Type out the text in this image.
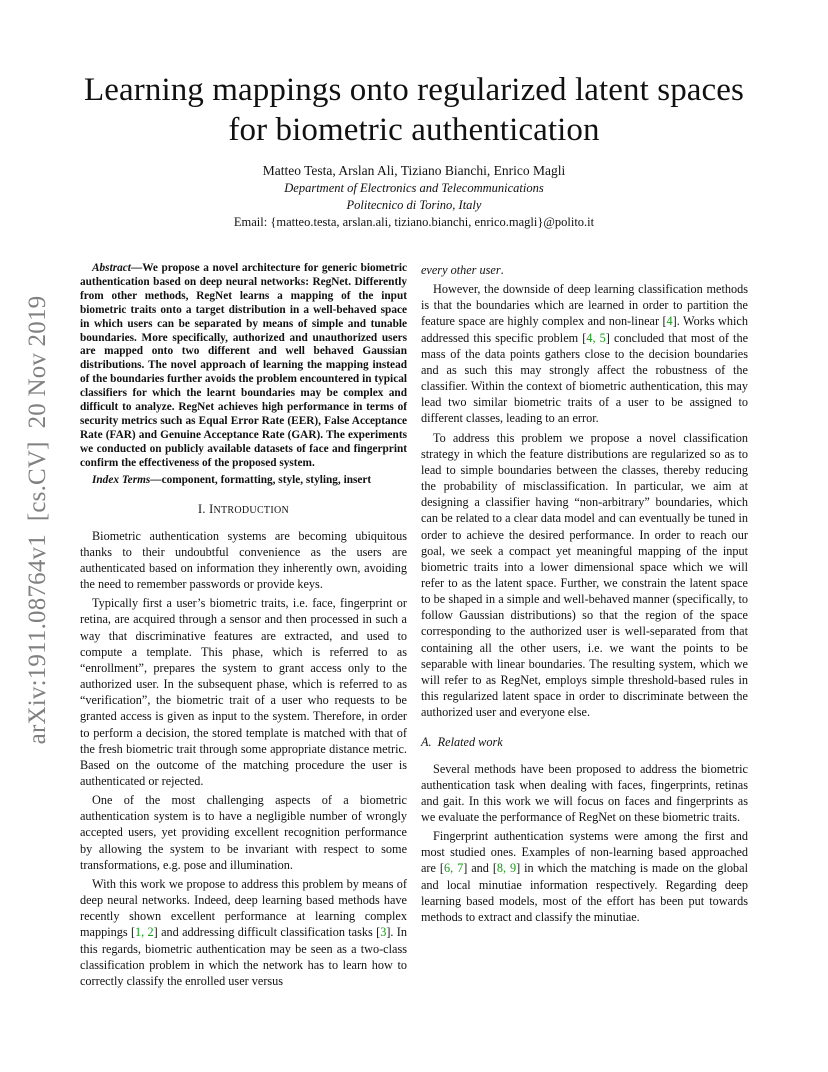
Learning mappings onto regularized latent spaces
for biometric authentication
Matteo Testa, Arslan Ali, Tiziano Bianchi, Enrico Magli
Department of Electronics and Telecommunications
Politecnico di Torino, Italy
Email: {matteo.testa, arslan.ali, tiziano.bianchi, enrico.magli}@polito.it
arXiv:1911.08764v1  [cs.CV]  20 Nov 2019

Abstract—We propose a novel architecture for generic biometric authentication based on deep neural networks: RegNet. Differently from other methods, RegNet learns a mapping of the input biometric traits onto a target distribution in a well-behaved space in which users can be separated by means of simple and tunable boundaries. More specifically, authorized and unauthorized users are mapped onto two different and well behaved Gaussian distributions. The novel approach of learning the mapping instead of the boundaries further avoids the problem encountered in typical classifiers for which the learnt boundaries may be complex and difficult to analyze. RegNet achieves high performance in terms of security metrics such as Equal Error Rate (EER), False Acceptance Rate (FAR) and Genuine Acceptance Rate (GAR). The experiments we conducted on publicly available datasets of face and fingerprint confirm the effectiveness of the proposed system.

Index Terms—component, formatting, style, styling, insert

I. INTRODUCTION

Biometric authentication systems are becoming ubiquitous thanks to their undoubtful convenience as the users are authenticated based on information they inherently own, avoiding the need to remember passwords or provide keys.

Typically first a user’s biometric traits, i.e. face, fingerprint or retina, are acquired through a sensor and then processed in such a way that discriminative features are extracted, and used to compute a template. This phase, which is referred to as “enrollment”, prepares the system to grant access only to the authorized user. In the subsequent phase, which is referred to as “verification”, the biometric trait of a user who requests to be granted access is given as input to the system. Therefore, in order to perform a decision, the stored template is matched with that of the fresh biometric trait through some appropriate distance metric. Based on the outcome of the matching procedure the user is authenticated or rejected.

One of the most challenging aspects of a biometric authentication system is to have a negligible number of wrongly accepted users, yet providing excellent recognition performance by allowing the system to be invariant with respect to some transformations, e.g. pose and illumination.

With this work we propose to address this problem by means of deep neural networks. Indeed, deep learning based methods have recently shown excellent performance at learning complex mappings [ 1, 2 ] and addressing difficult classification tasks [ 3 ] . In this regards, biometric authentication may be seen as a two-class classification problem in which the network has to learn how to correctly classify the enrolled user versus

every other user.

However, the downside of deep learning classification methods is that the boundaries which are learned in order to partition the feature space are highly complex and non-linear [ 4 ] . Works which addressed this specific problem [ 4, 5 ] concluded that most of the mass of the data points gathers close to the decision boundaries and as such this may strongly affect the robustness of the classifier. Within the context of biometric authentication, this may lead two similar biometric traits of a user to be assigned to different classes, leading to an error.

To address this problem we propose a novel classification strategy in which the feature distributions are regularized so as to lead to simple boundaries between the classes, thereby reducing the probability of misclassification. In particular, we aim at designing a classifier having “non-arbitrary” boundaries, which can be related to a clear data model and can eventually be tuned in order to achieve the desired performance. In order to reach our goal, we seek a compact yet meaningful mapping of the input biometric traits into a lower dimensional space which we will refer to as the latent space. Further, we constrain the latent space to be shaped in a simple and well-behaved manner (specifically, to follow Gaussian distributions) so that the region of the space corresponding to the authorized user is well-separated from that containing all the other users, i.e. we want the points to be separable with linear boundaries. The resulting system, which we will refer to as RegNet, employs simple threshold-based rules in this regularized latent space in order to discriminate between the authorized user and everyone else.

A.  Related work

Several methods have been proposed to address the biometric authentication task when dealing with faces, fingerprints, retinas and gait. In this work we will focus on faces and fingerprints as we evaluate the performance of RegNet on these biometric traits.

Fingerprint authentication systems were among the first and most studied ones. Examples of non-learning based approached are [ 6, 7 ] and [ 8, 9 ] in which the matching is made on the global and local minutiae information respectively. Regarding deep learning based models, most of the effort has been put towards methods to extract and classify the minutiae.
